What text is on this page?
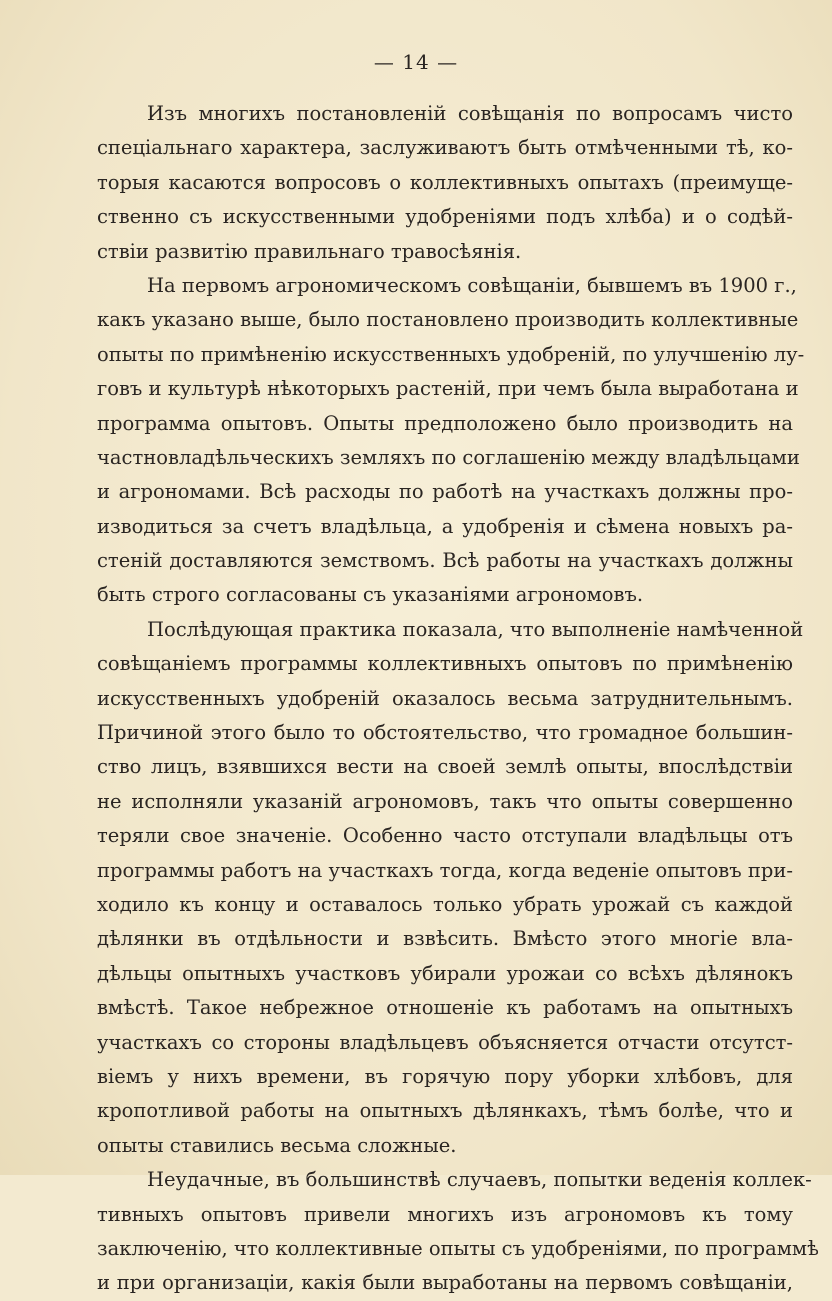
— 14 —
Изъ многихъ постановленій совѣщанія по вопросамъ чисто
спеціальнаго характера, заслуживаютъ быть отмѣченными тѣ, ко-
торыя касаются вопросовъ о коллективныхъ опытахъ (преимуще-
ственно съ искусственными удобреніями подъ хлѣба) и о содѣй-
ствіи развитію правильнаго травосѣянія.
На первомъ агрономическомъ совѣщаніи, бывшемъ въ 1900 г.,
какъ указано выше, было постановлено производить коллективные
опыты по примѣненію искусственныхъ удобреній, по улучшенію лу-
говъ и культурѣ нѣкоторыхъ растеній, при чемъ была выработана и
программа опытовъ. Опыты предположено было производить на
частновладѣльческихъ земляхъ по соглашенію между владѣльцами
и агрономами. Всѣ расходы по работѣ на участкахъ должны про-
изводиться за счетъ владѣльца, а удобренія и сѣмена новыхъ ра-
стеній доставляются земствомъ. Всѣ работы на участкахъ должны
быть строго согласованы съ указаніями агрономовъ.
Послѣдующая практика показала, что выполненіе намѣченной
совѣщаніемъ программы коллективныхъ опытовъ по примѣненію
искусственныхъ удобреній оказалось весьма затруднительнымъ.
Причиной этого было то обстоятельство, что громадное большин-
ство лицъ, взявшихся вести на своей землѣ опыты, впослѣдствіи
не исполняли указаній агрономовъ, такъ что опыты совершенно
теряли свое значеніе. Особенно часто отступали владѣльцы отъ
программы работъ на участкахъ тогда, когда веденіе опытовъ при-
ходило къ концу и оставалось только убрать урожай съ каждой
дѣлянки въ отдѣльности и взвѣсить. Вмѣсто этого многіе вла-
дѣльцы опытныхъ участковъ убирали урожаи со всѣхъ дѣлянокъ
вмѣстѣ. Такое небрежное отношеніе къ работамъ на опытныхъ
участкахъ со стороны владѣльцевъ объясняется отчасти отсутст-
віемъ у нихъ времени, въ горячую пору уборки хлѣбовъ, для
кропотливой работы на опытныхъ дѣлянкахъ, тѣмъ болѣе, что и
опыты ставились весьма сложные.
Неудачные, въ большинствѣ случаевъ, попытки веденія коллек-
тивныхъ опытовъ привели многихъ изъ агрономовъ къ тому
заключенію, что коллективные опыты съ удобреніями, по программѣ
и при организаціи, какія были выработаны на первомъ совѣщаніи,
